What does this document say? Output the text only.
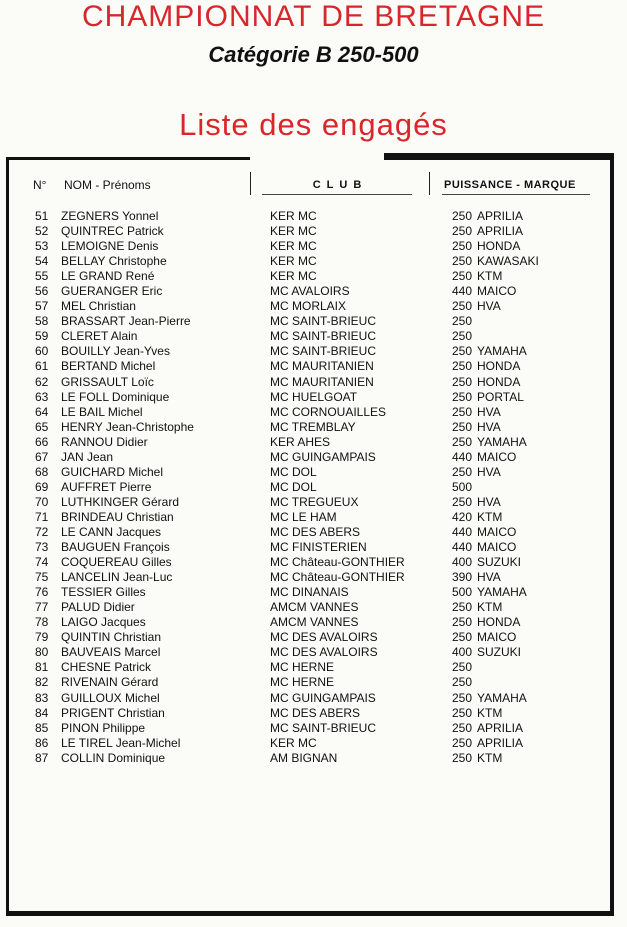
CHAMPIONNAT DE BRETAGNE
Catégorie B 250-500
Liste des engagés
N° NOM - Prénoms	CLUB	PUISSANCE - MARQUE
51 ZEGNERS Yonnel	KER MC	250 APRILIA
52 QUINTREC Patrick	KER MC	250 APRILIA
53 LEMOIGNE Denis	KER MC	250 HONDA
54 BELLAY Christophe	KER MC	250 KAWASAKI
55 LE GRAND René	KER MC	250 KTM
56 GUERANGER Eric	MC AVALOIRS	440 MAICO
57 MEL Christian	MC MORLAIX	250 HVA
58 BRASSART Jean-Pierre	MC SAINT-BRIEUC	250
59 CLERET Alain	MC SAINT-BRIEUC	250
60 BOUILLY Jean-Yves	MC SAINT-BRIEUC	250 YAMAHA
61 BERTAND Michel	MC MAURITANIEN	250 HONDA
62 GRISSAULT Loïc	MC MAURITANIEN	250 HONDA
63 LE FOLL Dominique	MC HUELGOAT	250 PORTAL
64 LE BAIL Michel	MC CORNOUAILLES	250 HVA
65 HENRY Jean-Christophe	MC TREMBLAY	250 HVA
66 RANNOU Didier	KER AHES	250 YAMAHA
67 JAN Jean	MC GUINGAMPAIS	440 MAICO
68 GUICHARD Michel	MC DOL	250 HVA
69 AUFFRET Pierre	MC DOL	500
70 LUTHKINGER Gérard	MC TREGUEUX	250 HVA
71 BRINDEAU Christian	MC LE HAM	420 KTM
72 LE CANN Jacques	MC DES ABERS	440 MAICO
73 BAUGUEN François	MC FINISTERIEN	440 MAICO
74 COQUEREAU Gilles	MC Château-GONTHIER	400 SUZUKI
75 LANCELIN Jean-Luc	MC Château-GONTHIER	390 HVA
76 TESSIER Gilles	MC DINANAIS	500 YAMAHA
77 PALUD Didier	AMCM VANNES	250 KTM
78 LAIGO Jacques	AMCM VANNES	250 HONDA
79 QUINTIN Christian	MC DES AVALOIRS	250 MAICO
80 BAUVEAIS Marcel	MC DES AVALOIRS	400 SUZUKI
81 CHESNE Patrick	MC HERNE	250
82 RIVENAIN Gérard	MC HERNE	250
83 GUILLOUX Michel	MC GUINGAMPAIS	250 YAMAHA
84 PRIGENT Christian	MC DES ABERS	250 KTM
85 PINON Philippe	MC SAINT-BRIEUC	250 APRILIA
86 LE TIREL Jean-Michel	KER MC	250 APRILIA
87 COLLIN Dominique	AM BIGNAN	250 KTM
